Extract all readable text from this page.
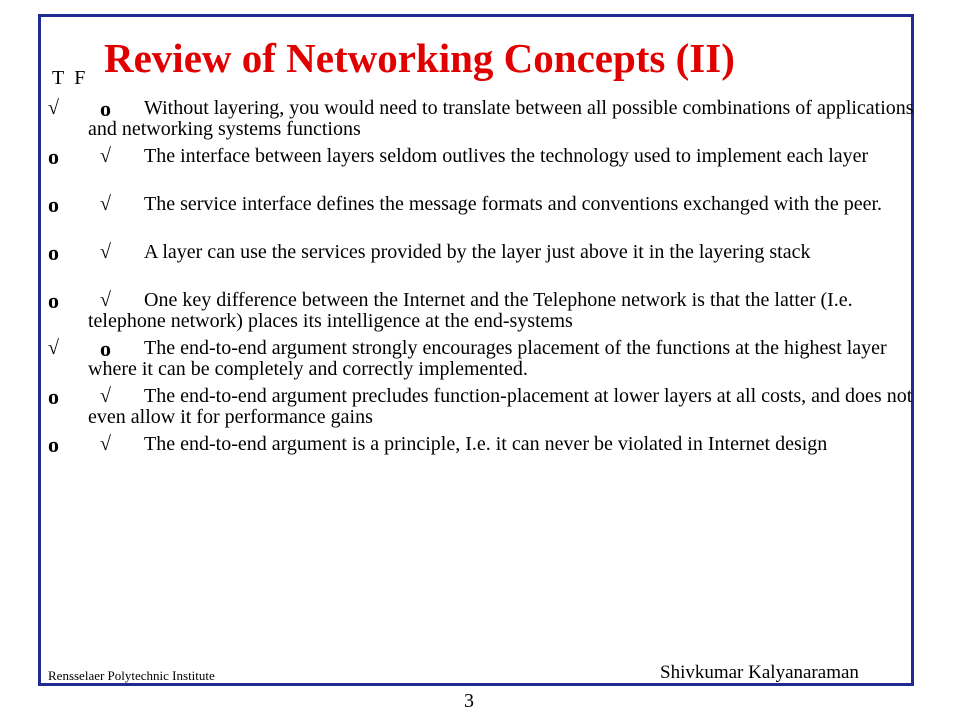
Review of Networking Concepts (II)
T F
√ o	Without layering, you would need to translate between all possible combinations of applications and networking systems functions
o √	The interface between layers seldom outlives the technology used to implement each layer
o √	The service interface defines the message formats and conventions exchanged with the peer.
o √	A layer can use the services provided by the layer just above it in the layering stack
o √	One key difference between the Internet and the Telephone network is that the latter (I.e. telephone network) places its intelligence at the end-systems
√ o	The end-to-end argument strongly encourages placement of the functions at the highest layer where it can be completely and correctly implemented.
o √	The end-to-end argument precludes function-placement at lower layers at all costs, and does not even allow it for performance gains
o √	The end-to-end argument is a principle, I.e. it can never be violated in Internet design
Rensselaer Polytechnic Institute	Shivkumar Kalyanaraman
3
